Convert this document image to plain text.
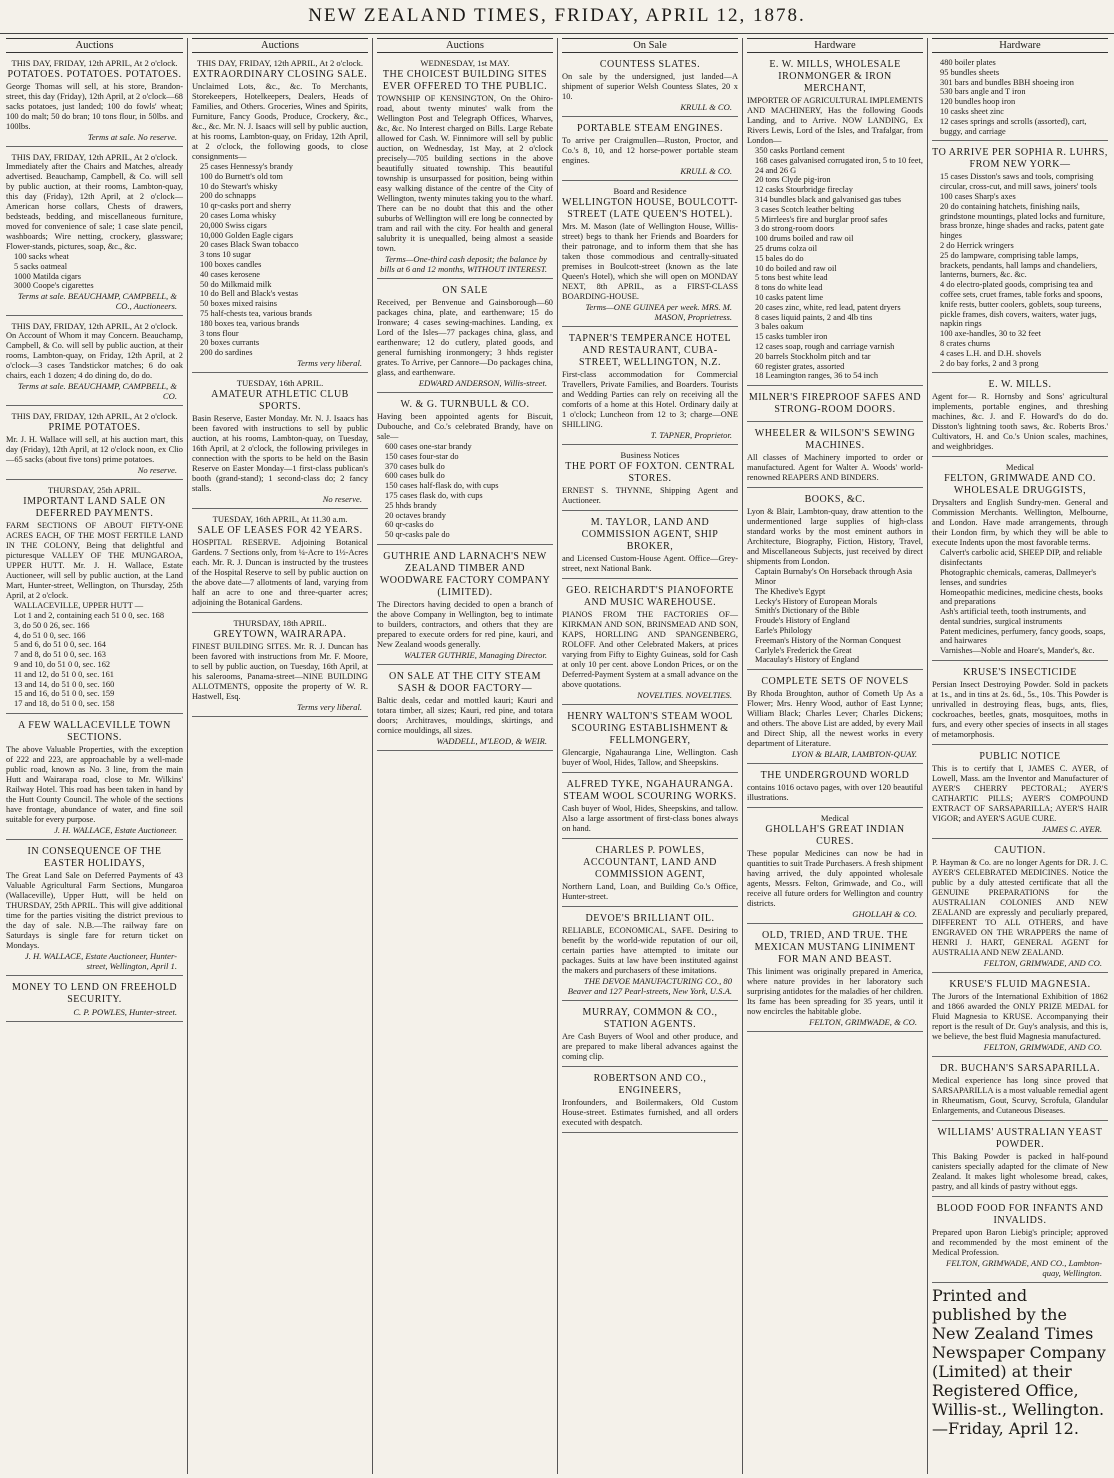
NEW ZEALAND TIMES, FRIDAY, APRIL 12, 1878.
Auctions
THIS DAY, FRIDAY, 12th APRIL, At 2 o'clock.
POTATOES. POTATOES. POTATOES.
George Thomas will sell, at his store, Brandon-street, this day (Friday), 12th April, at 2 o'clock—68 sacks potatoes, just landed; 100 do fowls' wheat; 100 do malt; 50 do bran; 10 tons flour, in 50lbs. and 100lbs.
Terms at sale. No reserve.
THIS DAY, FRIDAY, 12th APRIL, At 2 o'clock.
Immediately after the Chairs and Matches, already advertised. Beauchamp, Campbell, & Co. will sell by public auction, at their rooms, Lambton-quay, this day (Friday), 12th April, at 2 o'clock—American horse collars, Chests of drawers, bedsteads, bedding, and miscellaneous furniture, moved for convenience of sale; 1 case slate pencil, washboards; Wire netting, crockery, glassware; Flower-stands, pictures, soap, &c., &c.
100 sacks wheat
5 sacks oatmeal
1000 Matilda cigars
3000 Coope's cigarettes
Terms at sale. BEAUCHAMP, CAMPBELL, & CO., Auctioneers.
THIS DAY, FRIDAY, 12th APRIL, At 2 o'clock.
On Account of Whom it may Concern. Beauchamp, Campbell, & Co. will sell by public auction, at their rooms, Lambton-quay, on Friday, 12th April, at 2 o'clock—3 cases Tandstickor matches; 6 do oak chairs, each 1 dozen; 4 do dining do, do do.
Terms at sale. BEAUCHAMP, CAMPBELL, & CO.
THIS DAY, FRIDAY, 12th APRIL, At 2 o'clock.
PRIME POTATOES.
Mr. J. H. Wallace will sell, at his auction mart, this day (Friday), 12th April, at 12 o'clock noon, ex Clio—65 sacks (about five tons) prime potatoes.
No reserve.
THURSDAY, 25th APRIL.
IMPORTANT LAND SALE ON DEFERRED PAYMENTS.
FARM SECTIONS OF ABOUT FIFTY-ONE ACRES EACH, OF THE MOST FERTILE LAND IN THE COLONY, Being that delightful and picturesque VALLEY OF THE MUNGAROA, UPPER HUTT. Mr. J. H. Wallace, Estate Auctioneer, will sell by public auction, at the Land Mart, Hunter-street, Wellington, on Thursday, 25th April, at 2 o'clock.
WALLACEVILLE, UPPER HUTT —
Lot 1 and 2, containing each 51 0 0, sec. 168
3, do 50 0 26, sec. 166
4, do 51 0 0, sec. 166
5 and 6, do 51 0 0, sec. 164
7 and 8, do 51 0 0, sec. 163
9 and 10, do 51 0 0, sec. 162
11 and 12, do 51 0 0, sec. 161
13 and 14, do 51 0 0, sec. 160
15 and 16, do 51 0 0, sec. 159
17 and 18, do 51 0 0, sec. 158
A FEW WALLACEVILLE TOWN SECTIONS.
The above Valuable Properties, with the exception of 222 and 223, are approachable by a well-made public road, known as No. 3 line, from the main Hutt and Wairarapa road, close to Mr. Wilkins' Railway Hotel. This road has been taken in hand by the Hutt County Council. The whole of the sections have frontage, abundance of water, and fine soil suitable for every purpose.
J. H. WALLACE, Estate Auctioneer.
IN CONSEQUENCE OF THE EASTER HOLIDAYS,
The Great Land Sale on Deferred Payments of 43 Valuable Agricultural Farm Sections, Mungaroa (Wallaceville), Upper Hutt, will be held on THURSDAY, 25th APRIL. This will give additional time for the parties visiting the district previous to the day of sale. N.B.—The railway fare on Saturdays is single fare for return ticket on Mondays.
J. H. WALLACE, Estate Auctioneer, Hunter-street, Wellington, April 1.
MONEY TO LEND ON FREEHOLD SECURITY.
C. P. POWLES, Hunter-street.
Auctions
THIS DAY, FRIDAY, 12th APRIL, At 2 o'clock.
EXTRAORDINARY CLOSING SALE.
Unclaimed Lots, &c., &c. To Merchants, Storekeepers, Hotelkeepers, Dealers, Heads of Families, and Others. Groceries, Wines and Spirits, Furniture, Fancy Goods, Produce, Crockery, &c., &c., &c. Mr. N. J. Isaacs will sell by public auction, at his rooms, Lambton-quay, on Friday, 12th April, at 2 o'clock, the following goods, to close consignments—
25 cases Hennessy's brandy
100 do Burnett's old tom
10 do Stewart's whisky
200 do schnapps
10 qr-casks port and sherry
20 cases Loma whisky
20,000 Swiss cigars
10,000 Golden Eagle cigars
20 cases Black Swan tobacco
3 tons 10 sugar
100 boxes candles
40 cases kerosene
50 do Milkmaid milk
10 do Bell and Black's vestas
50 boxes mixed raisins
75 half-chests tea, various brands
180 boxes tea, various brands
3 tons flour
20 boxes currants
200 do sardines
Terms very liberal.
TUESDAY, 16th APRIL.
AMATEUR ATHLETIC CLUB SPORTS.
Basin Reserve, Easter Monday. Mr. N. J. Isaacs has been favored with instructions to sell by public auction, at his rooms, Lambton-quay, on Tuesday, 16th April, at 2 o'clock, the following privileges in connection with the sports to be held on the Basin Reserve on Easter Monday—1 first-class publican's booth (grand-stand); 1 second-class do; 2 fancy stalls.
No reserve.
TUESDAY, 16th APRIL, At 11.30 a.m.
SALE OF LEASES FOR 42 YEARS.
HOSPITAL RESERVE. Adjoining Botanical Gardens. 7 Sections only, from ¼-Acre to 1½-Acres each. Mr. R. J. Duncan is instructed by the trustees of the Hospital Reserve to sell by public auction on the above date—7 allotments of land, varying from half an acre to one and three-quarter acres; adjoining the Botanical Gardens.
THURSDAY, 18th APRIL.
GREYTOWN, WAIRARAPA.
FINEST BUILDING SITES. Mr. R. J. Duncan has been favored with instructions from Mr. F. Moore, to sell by public auction, on Tuesday, 16th April, at his salerooms, Panama-street—NINE BUILDING ALLOTMENTS, opposite the property of W. R. Hastwell, Esq.
Terms very liberal.
Auctions
WEDNESDAY, 1st MAY.
THE CHOICEST BUILDING SITES EVER OFFERED TO THE PUBLIC.
TOWNSHIP OF KENSINGTON, On the Ohiro-road, about twenty minutes' walk from the Wellington Post and Telegraph Offices, Wharves, &c, &c. No Interest charged on Bills. Large Rebate allowed for Cash. W. Finnimore will sell by public auction, on Wednesday, 1st May, at 2 o'clock precisely—705 building sections in the above beautifully situated township. This beautiful township is unsurpassed for position, being within easy walking distance of the centre of the City of Wellington, twenty minutes taking you to the wharf. There can be no doubt that this and the other suburbs of Wellington will ere long be connected by tram and rail with the city. For health and general salubrity it is unequalled, being almost a seaside town.
Terms—One-third cash deposit; the balance by bills at 6 and 12 months, WITHOUT INTEREST.
ON SALE
Received, per Benvenue and Gainsborough—60 packages china, plate, and earthenware; 15 do Ironware; 4 cases sewing-machines. Landing, ex Lord of the Isles—77 packages china, glass, and earthenware; 12 do cutlery, plated goods, and general furnishing ironmongery; 3 hhds register grates. To Arrive, per Cannore—Do packages china, glass, and earthenware.
EDWARD ANDERSON, Willis-street.
W. & G. TURNBULL & CO.
Having been appointed agents for Biscuit, Dubouche, and Co.'s celebrated Brandy, have on sale—
600 cases one-star brandy
150 cases four-star do
370 cases bulk do
600 cases bulk do
150 cases half-flask do, with cups
175 cases flask do, with cups
25 hhds brandy
20 octaves brandy
60 qr-casks do
50 qr-casks pale do
GUTHRIE AND LARNACH'S NEW ZEALAND TIMBER AND WOODWARE FACTORY COMPANY (LIMITED).
The Directors having decided to open a branch of the above Company in Wellington, beg to intimate to builders, contractors, and others that they are prepared to execute orders for red pine, kauri, and New Zealand woods generally.
WALTER GUTHRIE, Managing Director.
ON SALE AT THE CITY STEAM SASH & DOOR FACTORY—
Baltic deals, cedar and mottled kauri; Kauri and totara timber, all sizes; Kauri, red pine, and totara doors; Architraves, mouldings, skirtings, and cornice mouldings, all sizes.
WADDELL, M'LEOD, & WEIR.
On Sale
COUNTESS SLATES.
On sale by the undersigned, just landed—A shipment of superior Welsh Countess Slates, 20 x 10.
KRULL & CO.
PORTABLE STEAM ENGINES.
To arrive per Craigmullen—Ruston, Proctor, and Co.'s 8, 10, and 12 horse-power portable steam engines.
KRULL & CO.
Board and Residence
WELLINGTON HOUSE, BOULCOTT-STREET (LATE QUEEN'S HOTEL).
Mrs. M. Mason (late of Wellington House, Willis-street) begs to thank her Friends and Boarders for their patronage, and to inform them that she has taken those commodious and centrally-situated premises in Boulcott-street (known as the late Queen's Hotel), which she will open on MONDAY NEXT, 8th APRIL, as a FIRST-CLASS BOARDING-HOUSE.
Terms—ONE GUINEA per week. MRS. M. MASON, Proprietress.
TAPNER'S TEMPERANCE HOTEL AND RESTAURANT, CUBA-STREET, WELLINGTON, N.Z.
First-class accommodation for Commercial Travellers, Private Families, and Boarders. Tourists and Wedding Parties can rely on receiving all the comforts of a home at this Hotel. Ordinary daily at 1 o'clock; Luncheon from 12 to 3; charge—ONE SHILLING.
T. TAPNER, Proprietor.
Business Notices
THE PORT OF FOXTON. CENTRAL STORES.
ERNEST S. THYNNE, Shipping Agent and Auctioneer.
M. TAYLOR, LAND AND COMMISSION AGENT, SHIP BROKER,
and Licensed Custom-House Agent. Office—Grey-street, next National Bank.
GEO. REICHARDT'S PIANOFORTE AND MUSIC WAREHOUSE.
PIANOS FROM THE FACTORIES OF—KIRKMAN AND SON, BRINSMEAD AND SON, KAPS, HORLLING AND SPANGENBERG, ROLOFF. And other Celebrated Makers, at prices varying from Fifty to Eighty Guineas, sold for Cash at only 10 per cent. above London Prices, or on the Deferred-Payment System at a small advance on the above quotations.
NOVELTIES. NOVELTIES.
HENRY WALTON'S STEAM WOOL SCOURING ESTABLISHMENT & FELLMONGERY,
Glencargie, Ngahauranga Line, Wellington. Cash buyer of Wool, Hides, Tallow, and Sheepskins.
ALFRED TYKE, NGAHAURANGA. STEAM WOOL SCOURING WORKS.
Cash buyer of Wool, Hides, Sheepskins, and tallow. Also a large assortment of first-class bones always on hand.
CHARLES P. POWLES, ACCOUNTANT, LAND AND COMMISSION AGENT,
Northern Land, Loan, and Building Co.'s Office, Hunter-street.
DEVOE'S BRILLIANT OIL.
RELIABLE, ECONOMICAL, SAFE. Desiring to benefit by the world-wide reputation of our oil, certain parties have attempted to imitate our packages. Suits at law have been instituted against the makers and purchasers of these imitations.
THE DEVOE MANUFACTURING CO., 80 Beaver and 127 Pearl-streets, New York, U.S.A.
MURRAY, COMMON & CO., STATION AGENTS.
Are Cash Buyers of Wool and other produce, and are prepared to make liberal advances against the coming clip.
ROBERTSON AND CO., ENGINEERS,
Ironfounders, and Boilermakers, Old Custom House-street. Estimates furnished, and all orders executed with despatch.
Hardware
E. W. MILLS, WHOLESALE IRONMONGER & IRON MERCHANT,
IMPORTER OF AGRICULTURAL IMPLEMENTS AND MACHINERY, Has the following Goods Landing, and to Arrive. NOW LANDING, Ex Rivers Lewis, Lord of the Isles, and Trafalgar, from London—
350 casks Portland cement
168 cases galvanised corrugated iron, 5 to 10 feet, 24 and 26 G
20 tons Clyde pig-iron
12 casks Stourbridge fireclay
314 bundles black and galvanised gas tubes
3 cases Scotch leather belting
5 Mirrlees's fire and burglar proof safes
3 do strong-room doors
100 drums boiled and raw oil
25 drums colza oil
15 bales do do
10 do boiled and raw oil
5 tons best white lead
8 tons do white lead
10 casks patent lime
20 cases zinc, white, red lead, patent dryers
8 cases liquid paints, 2 and 4lb tins
3 bales oakum
15 casks tumbler iron
12 cases soap, rough and carriage varnish
20 barrels Stockholm pitch and tar
60 register grates, assorted
18 Leamington ranges, 36 to 54 inch
MILNER'S FIREPROOF SAFES AND STRONG-ROOM DOORS.
WHEELER & WILSON'S SEWING MACHINES.
All classes of Machinery imported to order or manufactured. Agent for Walter A. Woods' world-renowned REAPERS AND BINDERS.
BOOKS, &C.
Lyon & Blair, Lambton-quay, draw attention to the undermentioned large supplies of high-class standard works by the most eminent authors in Architecture, Biography, Fiction, History, Travel, and Miscellaneous Subjects, just received by direct shipments from London.
Captain Burnaby's On Horseback through Asia Minor
The Khedive's Egypt
Lecky's History of European Morals
Smith's Dictionary of the Bible
Froude's History of England
Earle's Philology
Freeman's History of the Norman Conquest
Carlyle's Frederick the Great
Macaulay's History of England
COMPLETE SETS OF NOVELS
By Rhoda Broughton, author of Cometh Up As a Flower; Mrs. Henry Wood, author of East Lynne; William Black; Charles Lever; Charles Dickens; and others. The above List are added, by every Mail and Direct Ship, all the newest works in every department of Literature.
LYON & BLAIR, LAMBTON-QUAY.
THE UNDERGROUND WORLD
contains 1016 octavo pages, with over 120 beautiful illustrations.
Medical
GHOLLAH'S GREAT INDIAN CURES.
These popular Medicines can now be had in quantities to suit Trade Purchasers. A fresh shipment having arrived, the duly appointed wholesale agents, Messrs. Felton, Grimwade, and Co., will receive all future orders for Wellington and country districts.
GHOLLAH & CO.
OLD, TRIED, AND TRUE. THE MEXICAN MUSTANG LINIMENT FOR MAN AND BEAST.
This liniment was originally prepared in America, where nature provides in her laboratory such surprising antidotes for the maladies of her children. Its fame has been spreading for 35 years, until it now encircles the habitable globe.
FELTON, GRIMWADE, & CO.
Hardware
480 boiler plates
95 bundles sheets
301 bars and bundles BBH shoeing iron
530 bars angle and T iron
120 bundles hoop iron
10 casks sheet zinc
12 cases springs and scrolls (assorted), cart, buggy, and carriage
TO ARRIVE PER SOPHIA R. LUHRS, FROM NEW YORK—
15 cases Disston's saws and tools, comprising circular, cross-cut, and mill saws, joiners' tools
100 cases Sharp's axes
20 do containing hatchets, finishing nails, grindstone mountings, plated locks and furniture, brass bronze, hinge shades and racks, patent gate hinges
2 do Herrick wringers
25 do lampware, comprising table lamps, brackets, pendants, hall lamps and chandeliers, lanterns, burners, &c. &c.
4 do electro-plated goods, comprising tea and coffee sets, cruet frames, table forks and spoons, knife rests, butter coolers, goblets, soup tureens, pickle frames, dish covers, waiters, water jugs, napkin rings
100 axe-handles, 30 to 32 feet
8 crates churns
4 cases L.H. and D.H. shovels
2 do bay forks, 2 and 3 prong
E. W. MILLS.
Agent for— R. Hornsby and Sons' agricultural implements, portable engines, and threshing machines, &c. J. and F. Howard's do do do. Disston's lightning tooth saws, &c. Roberts Bros.' Cultivators, H. and Co.'s Union scales, machines, and weighbridges.
Medical
FELTON, GRIMWADE AND CO. WHOLESALE DRUGGISTS,
Drysalters and English Sundry-men. General and Commission Merchants. Wellington, Melbourne, and London. Have made arrangements, through their London firm, by which they will be able to execute Indents upon the most favorable terms.
Calvert's carbolic acid, SHEEP DIP, and reliable disinfectants
Photographic chemicals, cameras, Dallmeyer's lenses, and sundries
Homeopathic medicines, medicine chests, books and preparations
Ash's artificial teeth, tooth instruments, and dental sundries, surgical instruments
Patent medicines, perfumery, fancy goods, soaps, and hairwares
Varnishes—Noble and Hoare's, Mander's, &c.
KRUSE'S INSECTICIDE
Persian Insect Destroying Powder. Sold in packets at 1s., and in tins at 2s. 6d., 5s., 10s. This Powder is unrivalled in destroying fleas, bugs, ants, flies, cockroaches, beetles, gnats, mosquitoes, moths in furs, and every other species of insects in all stages of metamorphosis.
PUBLIC NOTICE
This is to certify that I, JAMES C. AYER, of Lowell, Mass. am the Inventor and Manufacturer of AYER'S CHERRY PECTORAL; AYER'S CATHARTIC PILLS; AYER'S COMPOUND EXTRACT OF SARSAPARILLA; AYER'S HAIR VIGOR; and AYER'S AGUE CURE.
JAMES C. AYER.
CAUTION.
P. Hayman & Co. are no longer Agents for DR. J. C. AYER'S CELEBRATED MEDICINES. Notice the public by a duly attested certificate that all the GENUINE PREPARATIONS for the AUSTRALIAN COLONIES AND NEW ZEALAND are expressly and peculiarly prepared, DIFFERENT TO ALL OTHERS, and have ENGRAVED ON THE WRAPPERS the name of HENRI J. HART, GENERAL AGENT for AUSTRALIA AND NEW ZEALAND.
FELTON, GRIMWADE, AND CO.
KRUSE'S FLUID MAGNESIA.
The Jurors of the International Exhibition of 1862 and 1866 awarded the ONLY PRIZE MEDAL for Fluid Magnesia to KRUSE. Accompanying their report is the result of Dr. Guy's analysis, and this is, we believe, the best fluid Magnesia manufactured.
FELTON, GRIMWADE, AND CO.
DR. BUCHAN'S SARSAPARILLA.
Medical experience has long since proved that SARSAPARILLA is a most valuable remedial agent in Rheumatism, Gout, Scurvy, Scrofula, Glandular Enlargements, and Cutaneous Diseases.
WILLIAMS' AUSTRALIAN YEAST POWDER.
This Baking Powder is packed in half-pound canisters specially adapted for the climate of New Zealand. It makes light wholesome bread, cakes, pastry, and all kinds of pastry without eggs.
BLOOD FOOD FOR INFANTS AND INVALIDS.
Prepared upon Baron Liebig's principle; approved and recommended by the most eminent of the Medical Profession.
FELTON, GRIMWADE, AND CO., Lambton-quay, Wellington.
Printed and published by the New Zealand Times Newspaper Company (Limited) at their Registered Office, Willis-st., Wellington.—Friday, April 12.
